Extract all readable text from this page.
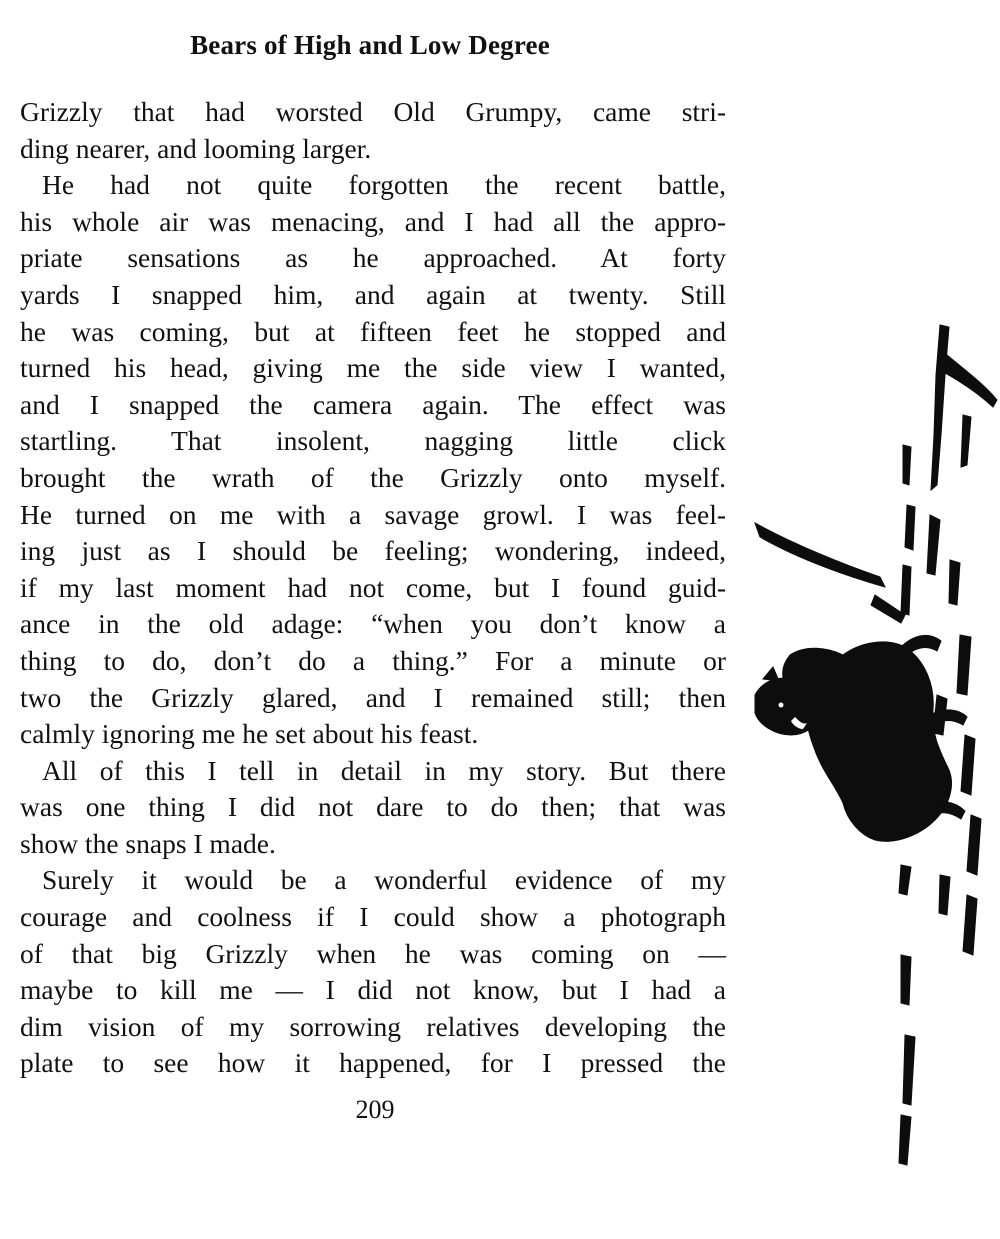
Bears of High and Low Degree

Grizzly that had worsted Old Grumpy, came stri-
ding nearer, and looming larger.

He had not quite forgotten the recent battle,
his whole air was menacing, and I had all the appro-
priate sensations as he approached. At forty
yards I snapped him, and again at twenty. Still
he was coming, but at fifteen feet he stopped and
turned his head, giving me the side view I wanted,
and I snapped the camera again. The effect was
startling. That insolent, nagging little click
brought the wrath of the Grizzly onto myself.
He turned on me with a savage growl. I was feel-
ing just as I should be feeling; wondering, indeed,
if my last moment had not come, but I found guid-
ance in the old adage: “when you don’t know a
thing to do, don’t do a thing.” For a minute or
two the Grizzly glared, and I remained still; then
calmly ignoring me he set about his feast.

All of this I tell in detail in my story. But there
was one thing I did not dare to do then; that was
show the snaps I made.

Surely it would be a wonderful evidence of my
courage and coolness if I could show a photograph
of that big Grizzly when he was coming on —
maybe to kill me — I did not know, but I had a
dim vision of my sorrowing relatives developing the
plate to see how it happened, for I pressed the

209
